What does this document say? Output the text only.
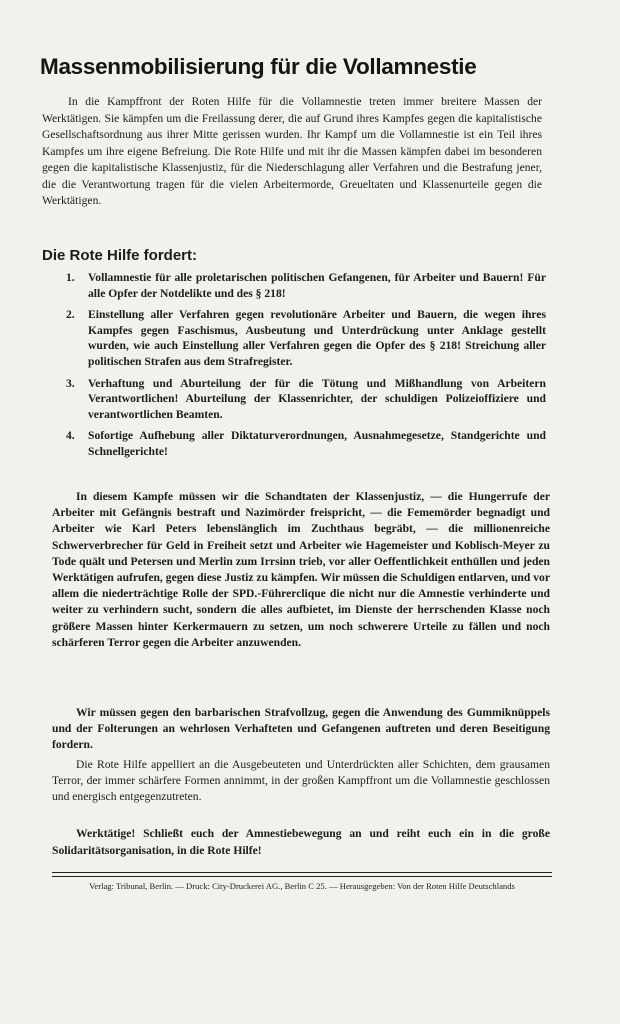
Massenmobilisierung für die Vollamnestie
In die Kampffront der Roten Hilfe für die Vollamnestie treten immer breitere Massen der Werktätigen. Sie kämpfen um die Freilassung derer, die auf Grund ihres Kampfes gegen die kapitalistische Gesellschaftsordnung aus ihrer Mitte gerissen wurden. Ihr Kampf um die Vollamnestie ist ein Teil ihres Kampfes um ihre eigene Befreiung. Die Rote Hilfe und mit ihr die Massen kämpfen dabei im besonderen gegen die kapitalistische Klassenjustiz, für die Niederschlagung aller Verfahren und die Bestrafung jener, die die Verantwortung tragen für die vielen Arbeitermorde, Greueltaten und Klassenurteile gegen die Werktätigen.
Die Rote Hilfe fordert:
1. Vollamnestie für alle proletarischen politischen Gefangenen, für Arbeiter und Bauern! Für alle Opfer der Notdelikte und des § 218!
2. Einstellung aller Verfahren gegen revolutionäre Arbeiter und Bauern, die wegen ihres Kampfes gegen Faschismus, Ausbeutung und Unterdrückung unter Anklage gestellt wurden, wie auch Einstellung aller Verfahren gegen die Opfer des § 218! Streichung aller politischen Strafen aus dem Strafregister.
3. Verhaftung und Aburteilung der für die Tötung und Mißhandlung von Arbeitern Verantwortlichen! Aburteilung der Klassenrichter, der schuldigen Polizeioffiziere und verantwortlichen Beamten.
4. Sofortige Aufhebung aller Diktaturverordnungen, Ausnahmegesetze, Standgerichte und Schnellgerichte!
In diesem Kampfe müssen wir die Schandtaten der Klassenjustiz, — die Hungerrufe der Arbeiter mit Gefängnis bestraft und Nazimörder freispricht, — die Fememörder begnadigt und Arbeiter wie Karl Peters lebenslänglich im Zuchthaus begräbt, — die millionenreiche Schwerverbrecher für Geld in Freiheit setzt und Arbeiter wie Hagemeister und Koblisch-Meyer zu Tode quält und Petersen und Merlin zum Irrsinn trieb, vor aller Oeffentlichkeit enthüllen und jeden Werktätigen aufrufen, gegen diese Justiz zu kämpfen. Wir müssen die Schuldigen entlarven, und vor allem die niederträchtige Rolle der SPD.-Führerclique die nicht nur die Amnestie verhinderte und weiter zu verhindern sucht, sondern die alles aufbietet, im Dienste der herrschenden Klasse noch größere Massen hinter Kerkermauern zu setzen, um noch schwerere Urteile zu fällen und noch schärferen Terror gegen die Arbeiter anzuwenden.
Wir müssen gegen den barbarischen Strafvollzug, gegen die Anwendung des Gummiknüppels und der Folterungen an wehrlosen Verhafteten und Gefangenen auftreten und deren Beseitigung fordern.
Die Rote Hilfe appelliert an die Ausgebeuteten und Unterdrückten aller Schichten, dem grausamen Terror, der immer schärfere Formen annimmt, in der großen Kampffront um die Vollamnestie geschlossen und energisch entgegenzutreten.
Werktätige! Schließt euch der Amnestiebewegung an und reiht euch ein in die große Solidaritätsorganisation, in die Rote Hilfe!
Verlag: Tribunal, Berlin. — Druck: City-Druckerei AG., Berlin C 25. — Herausgegeben: Von der Roten Hilfe Deutschlands
